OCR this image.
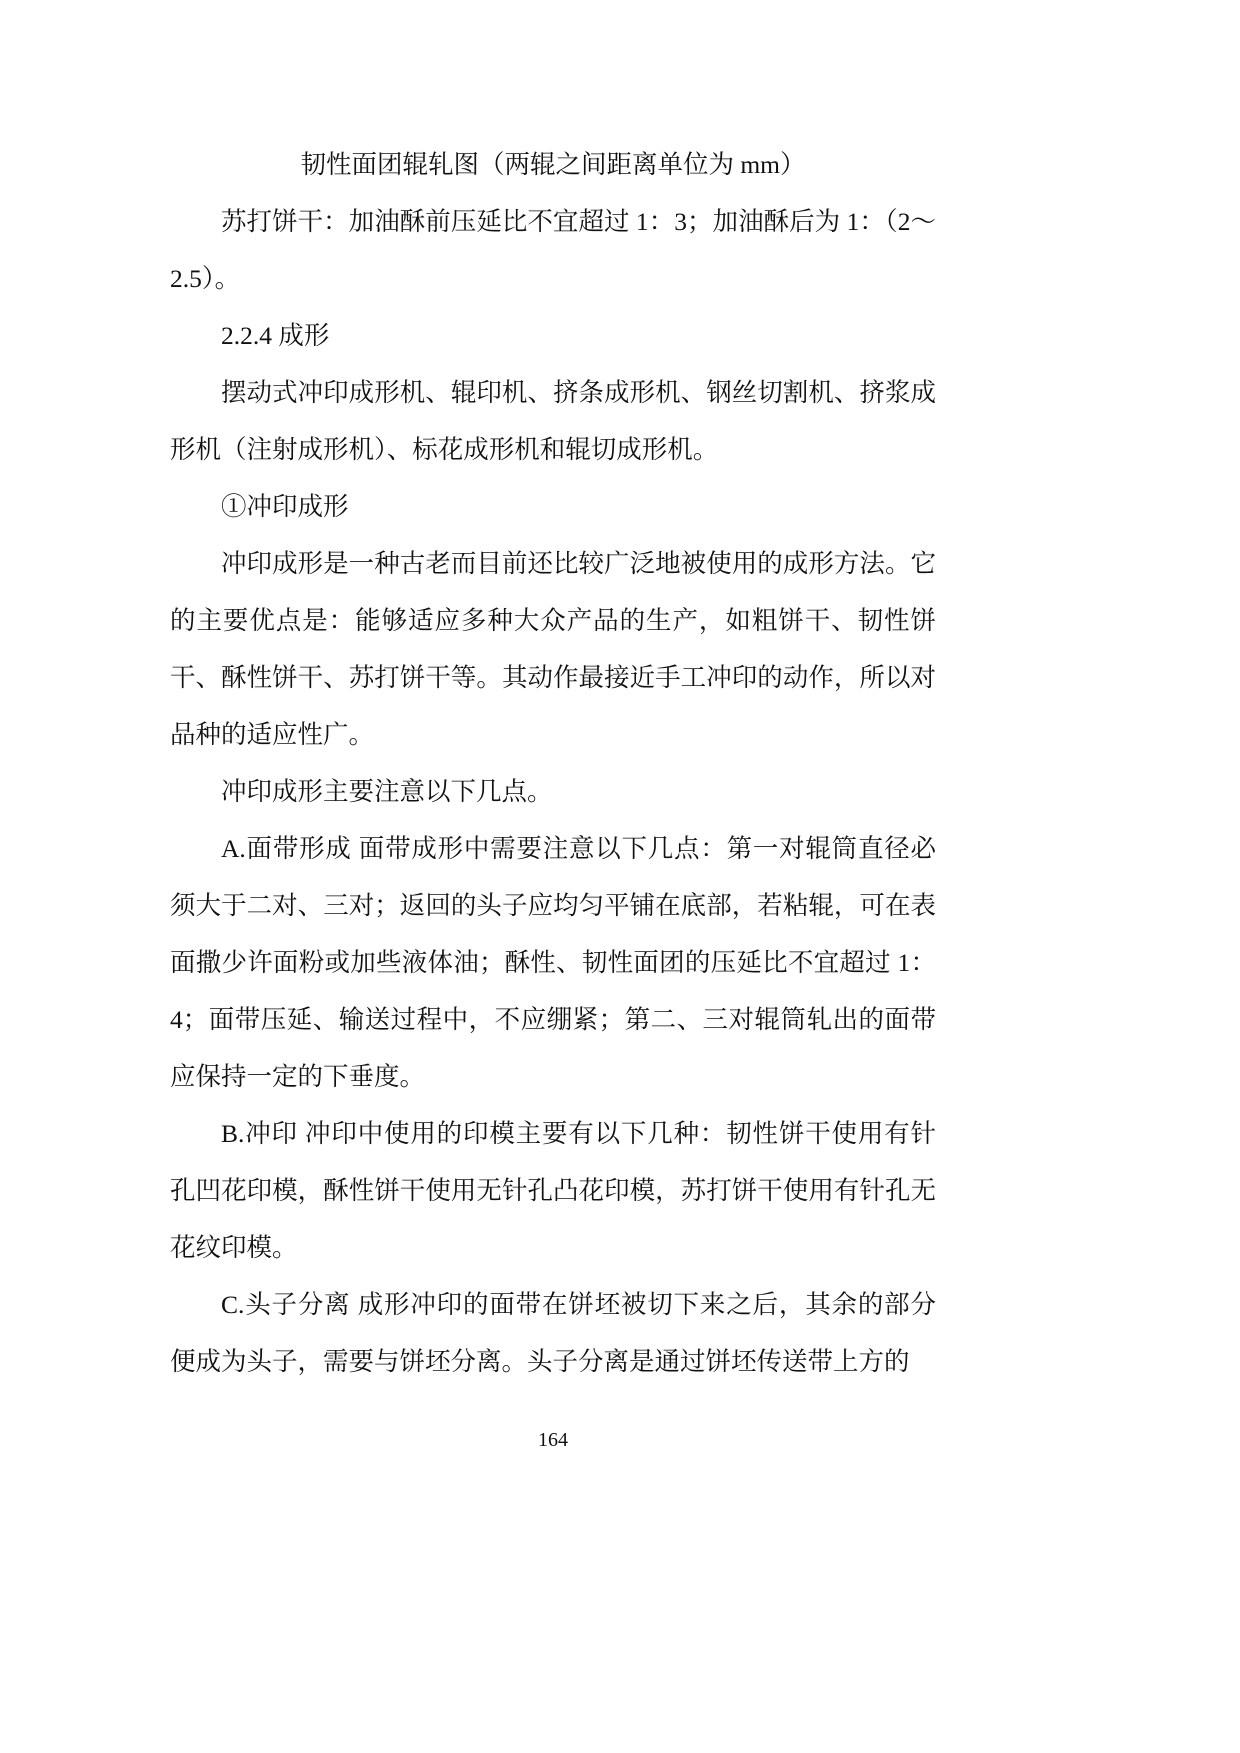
韧性面团辊轧图（两辊之间距离单位为 mm）

苏打饼干：加油酥前压延比不宜超过 1：3；加油酥后为 1：（2～2.5）。

2.2.4 成形

摆动式冲印成形机、辊印机、挤条成形机、钢丝切割机、挤浆成形机（注射成形机）、标花成形机和辊切成形机。

①冲印成形

冲印成形是一种古老而目前还比较广泛地被使用的成形方法。它的主要优点是：能够适应多种大众产品的生产，如粗饼干、韧性饼干、酥性饼干、苏打饼干等。其动作最接近手工冲印的动作，所以对品种的适应性广。

冲印成形主要注意以下几点。

A.面带形成 面带成形中需要注意以下几点：第一对辊筒直径必须大于二对、三对；返回的头子应均匀平铺在底部，若粘辊，可在表面撒少许面粉或加些液体油；酥性、韧性面团的压延比不宜超过 1：4；面带压延、输送过程中，不应绷紧；第二、三对辊筒轧出的面带应保持一定的下垂度。

B.冲印 冲印中使用的印模主要有以下几种：韧性饼干使用有针孔凹花印模，酥性饼干使用无针孔凸花印模，苏打饼干使用有针孔无花纹印模。

C.头子分离 成形冲印的面带在饼坯被切下来之后，其余的部分便成为头子，需要与饼坯分离。头子分离是通过饼坯传送带上方的

164
